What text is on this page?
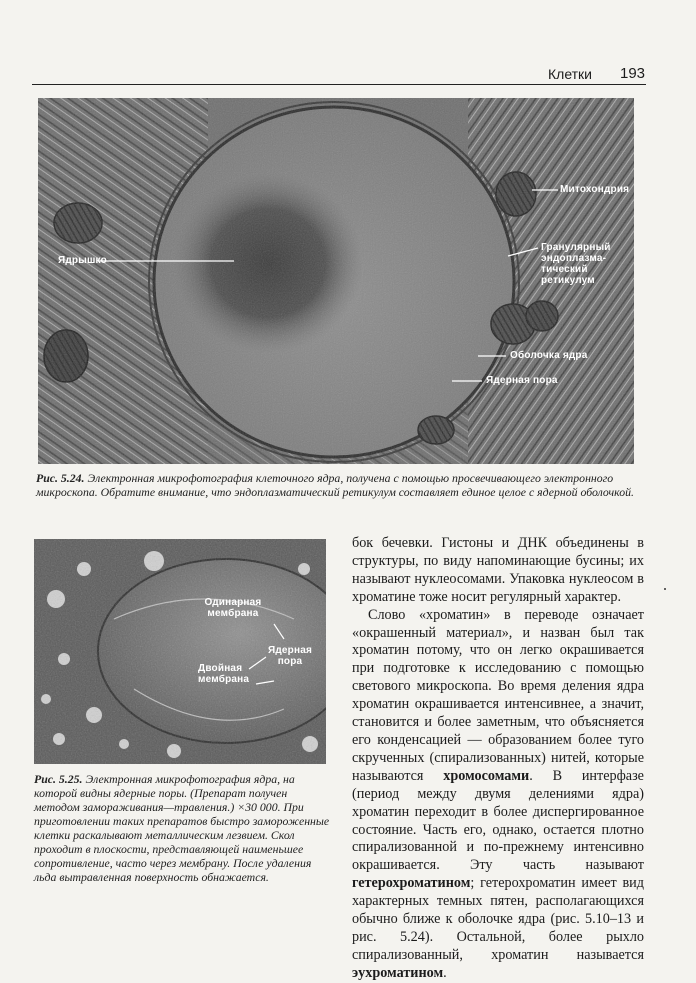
Клетки 193
Ядрышко
Митохондрия
Гранулярный эндоплазма-тический ретикулум
Оболочка ядра
Ядерная пора
Рис. 5.24. Электронная микрофотография клеточного ядра, получена с помощью просвечивающего электронного микроскопа. Обратите внимание, что эндоплазматический ретикулум составляет единое целое с ядерной оболочкой.
Одинарная мембрана
Ядерная пора
Двойная мембрана
Рис. 5.25. Электронная микрофотография ядра, на которой видны ядерные поры. (Препарат получен методом замораживания—травления.) ×30 000. При приготовлении таких препаратов быстро замороженные клетки раскалывают металлическим лезвием. Скол проходит в плоскости, представляющей наименьшее сопротивление, часто через мембрану. После удаления льда вытравленная поверхность обнажается.

бок бечевки. Гистоны и ДНК объединены в структуры, по виду напоминающие бусины; их называют нуклеосомами. Упаковка нуклеосом в хроматине тоже носит регулярный характер.

Слово «хроматин» в переводе означает «окрашенный материал», и назван был так хроматин потому, что он легко окрашивается при подготовке к исследованию с помощью светового микроскопа. Во время деления ядра хроматин окрашивается интенсивнее, а значит, становится и более заметным, что объясняется его конденсацией — образованием более туго скрученных (спирализованных) нитей, которые называются хромосомами. В интерфазе (период между двумя делениями ядра) хроматин переходит в более диспергированное состояние. Часть его, однако, остается плотно спирализованной и по-прежнему интенсивно окрашивается. Эту часть называют гетерохроматином; гетерохроматин имеет вид характерных темных пятен, располагающихся обычно ближе к оболочке ядра (рис. 5.10–13 и рис. 5.24). Остальной, более рыхло спирализованный, хроматин называется эухроматином.
